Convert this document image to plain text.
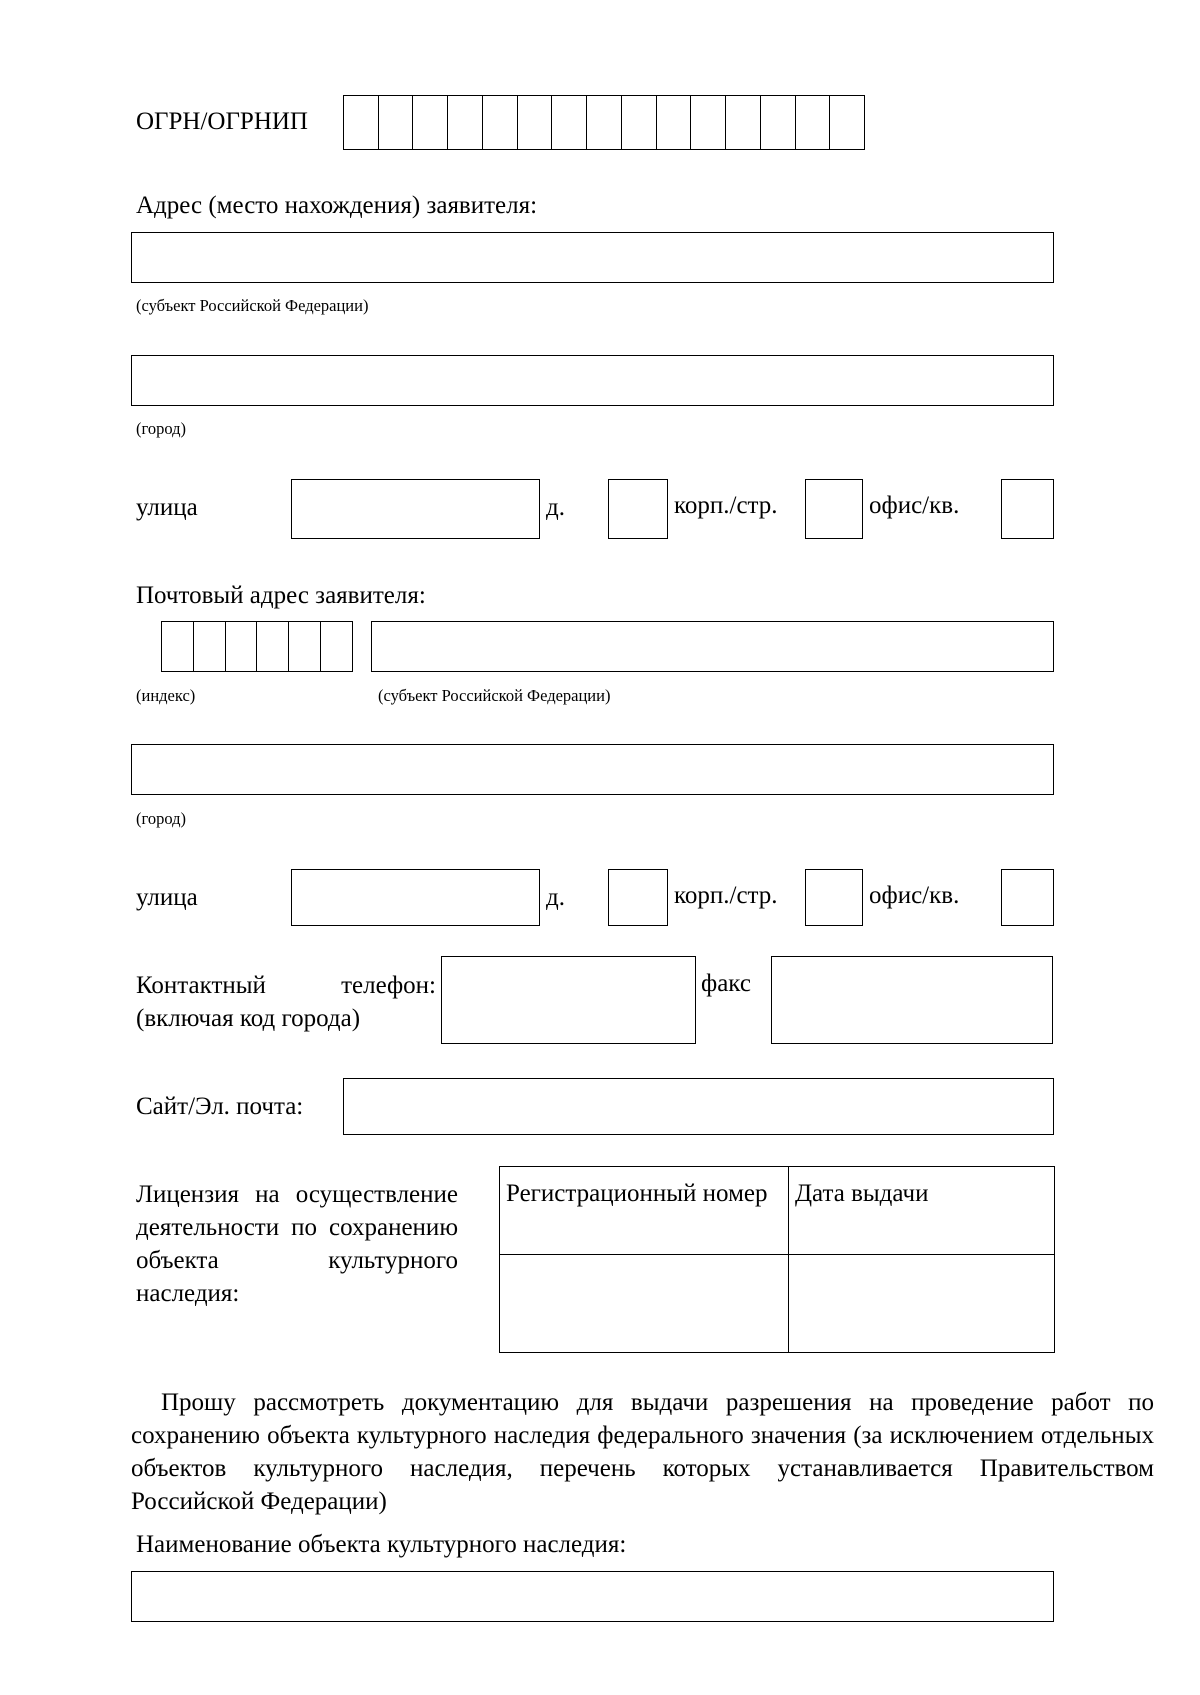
ОГРН/ОГРНИП
Адрес (место нахождения) заявителя:
(субъект Российской Федерации)
(город)
улица	д.	корп./стр.	офис/кв.
Почтовый адрес заявителя:
(индекс)	(субъект Российской Федерации)
(город)
улица	д.	корп./стр.	офис/кв.
Контактный телефон:
(включая код города)
факс
Сайт/Эл. почта:
Лицензия на осуществление деятельности по сохранению объекта культурного наследия:
Регистрационный номер	Дата выдачи

Прошу рассмотреть документацию для выдачи разрешения на проведение работ по сохранению объекта культурного наследия федерального значения (за исключением отдельных объектов культурного наследия, перечень которых устанавливается Правительством Российской Федерации)
Наименование объекта культурного наследия:
